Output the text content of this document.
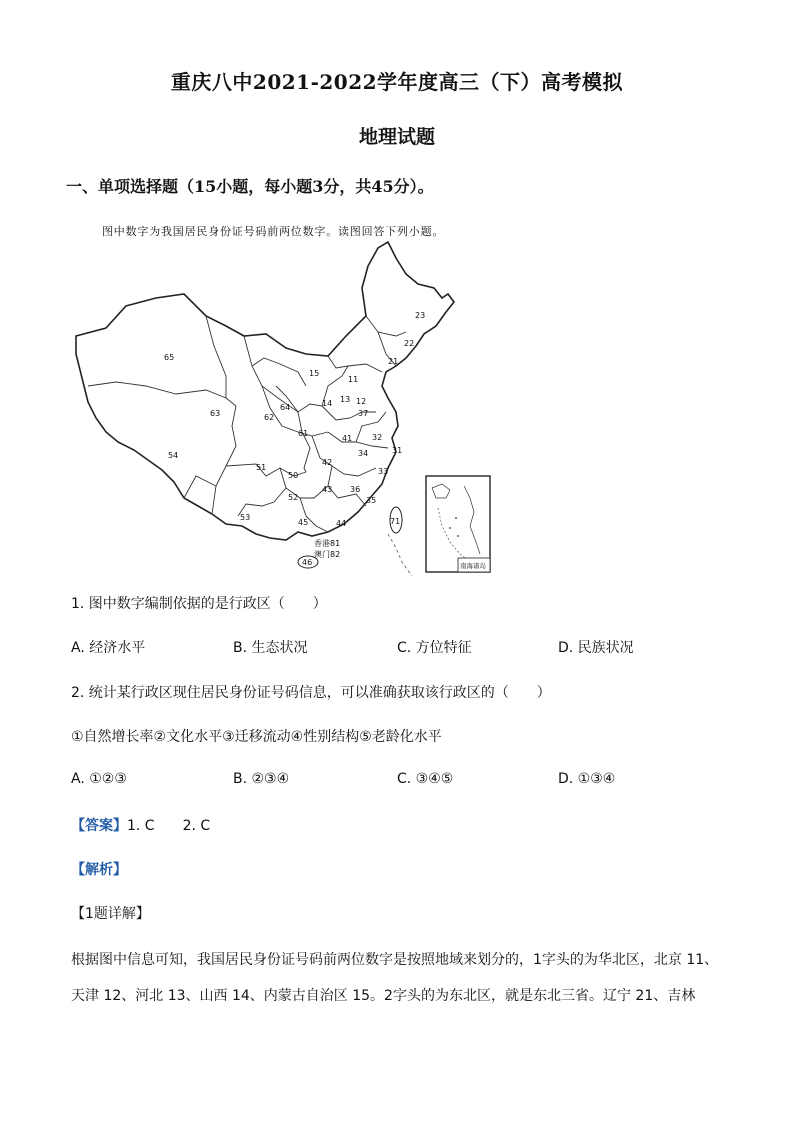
重庆八中2021-2022学年度高三（下）高考模拟
地理试题
一、单项选择题（15小题，每小题3分，共45分）。
图中数字为我国居民身份证号码前两位数字。读图回答下列小题。
65
15
23
22
21
11
12
13
14
37
62
64
63
61
41 32
31
34
54
51
50
42
33
36
52
43
35
53
45	44	71
46
香港81
澳门82
南海诸岛
1. 图中数字编制依据的是行政区（　　）
A. 经济水平	B. 生态状况	C. 方位特征	D. 民族状况
2. 统计某行政区现住居民身份证号码信息，可以准确获取该行政区的（　　）
①自然增长率②文化水平③迁移流动④性别结构⑤老龄化水平
A. ①②③	B. ②③④	C. ③④⑤	D. ①③④
【答案】1. C　　2. C
【解析】
【1题详解】
根据图中信息可知，我国居民身份证号码前两位数字是按照地域来划分的，1字头的为华北区，北京 11、
天津 12、河北 13、山西 14、内蒙古自治区 15。2字头的为东北区，就是东北三省。辽宁 21、吉林
